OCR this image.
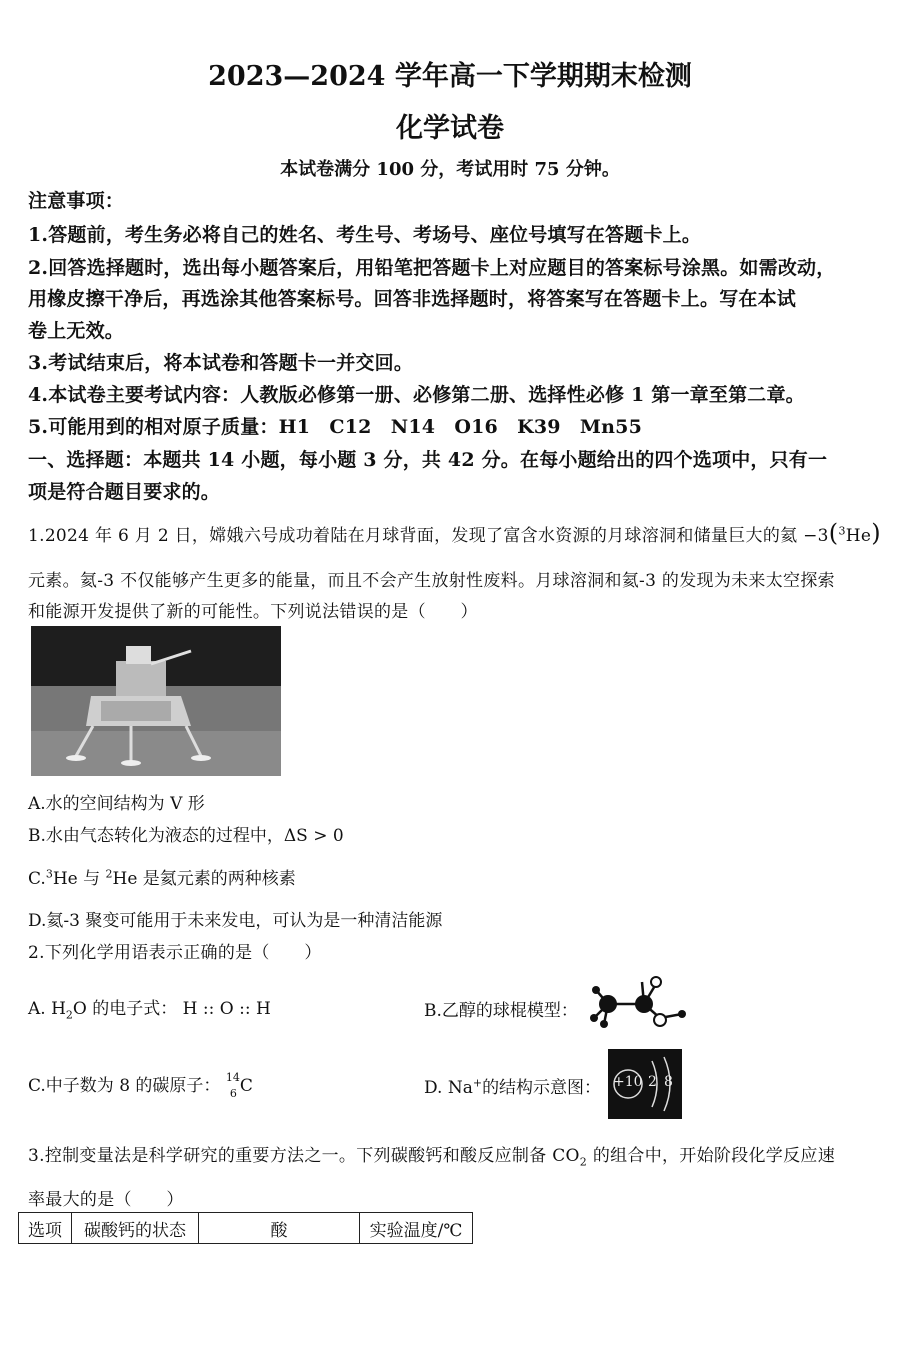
2023—2024 学年高一下学期期末检测
化学试卷
本试卷满分 100 分，考试用时 75 分钟。
注意事项：
1.答题前，考生务必将自己的姓名、考生号、考场号、座位号填写在答题卡上。
2.回答选择题时，选出每小题答案后，用铅笔把答题卡上对应题目的答案标号涂黑。如需改动，
用橡皮擦干净后，再选涂其他答案标号。回答非选择题时，将答案写在答题卡上。写在本试
卷上无效。
3.考试结束后，将本试卷和答题卡一并交回。
4.本试卷主要考试内容：人教版必修第一册、必修第二册、选择性必修 1 第一章至第二章。
5.可能用到的相对原子质量：H1　C12　N14　O16　K39　Mn55
一、选择题：本题共 14 小题，每小题 3 分，共 42 分。在每小题给出的四个选项中，只有一
项是符合题目要求的。
1.2024 年 6 月 2 日，嫦娥六号成功着陆在月球背面，发现了富含水资源的月球溶洞和储量巨大的氦 −3($^3$He)
元素。氦-3 不仅能够产生更多的能量，而且不会产生放射性废料。月球溶洞和氦-3 的发现为未来太空探索
和能源开发提供了新的可能性。下列说法错误的是（　　）
A.水的空间结构为 V 形
B.水由气态转化为液态的过程中，ΔS > 0
C.$^3$He 与 $^2$He 是氦元素的两种核素
D.氦-3 聚变可能用于未来发电，可认为是一种清洁能源
2.下列化学用语表示正确的是（　　）
A. $H_2O$ 的电子式： H :: O :: H	B.乙醇的球棍模型：
C.中子数为 8 的碳原子： 14
6 C	D. Na+的结构示意图： +10 2 8
3.控制变量法是科学研究的重要方法之一。下列碳酸钙和酸反应制备 $CO_2$ 的组合中，开始阶段化学反应速
率最大的是（　　）
选项	碳酸钙的状态	酸	实验温度/℃
